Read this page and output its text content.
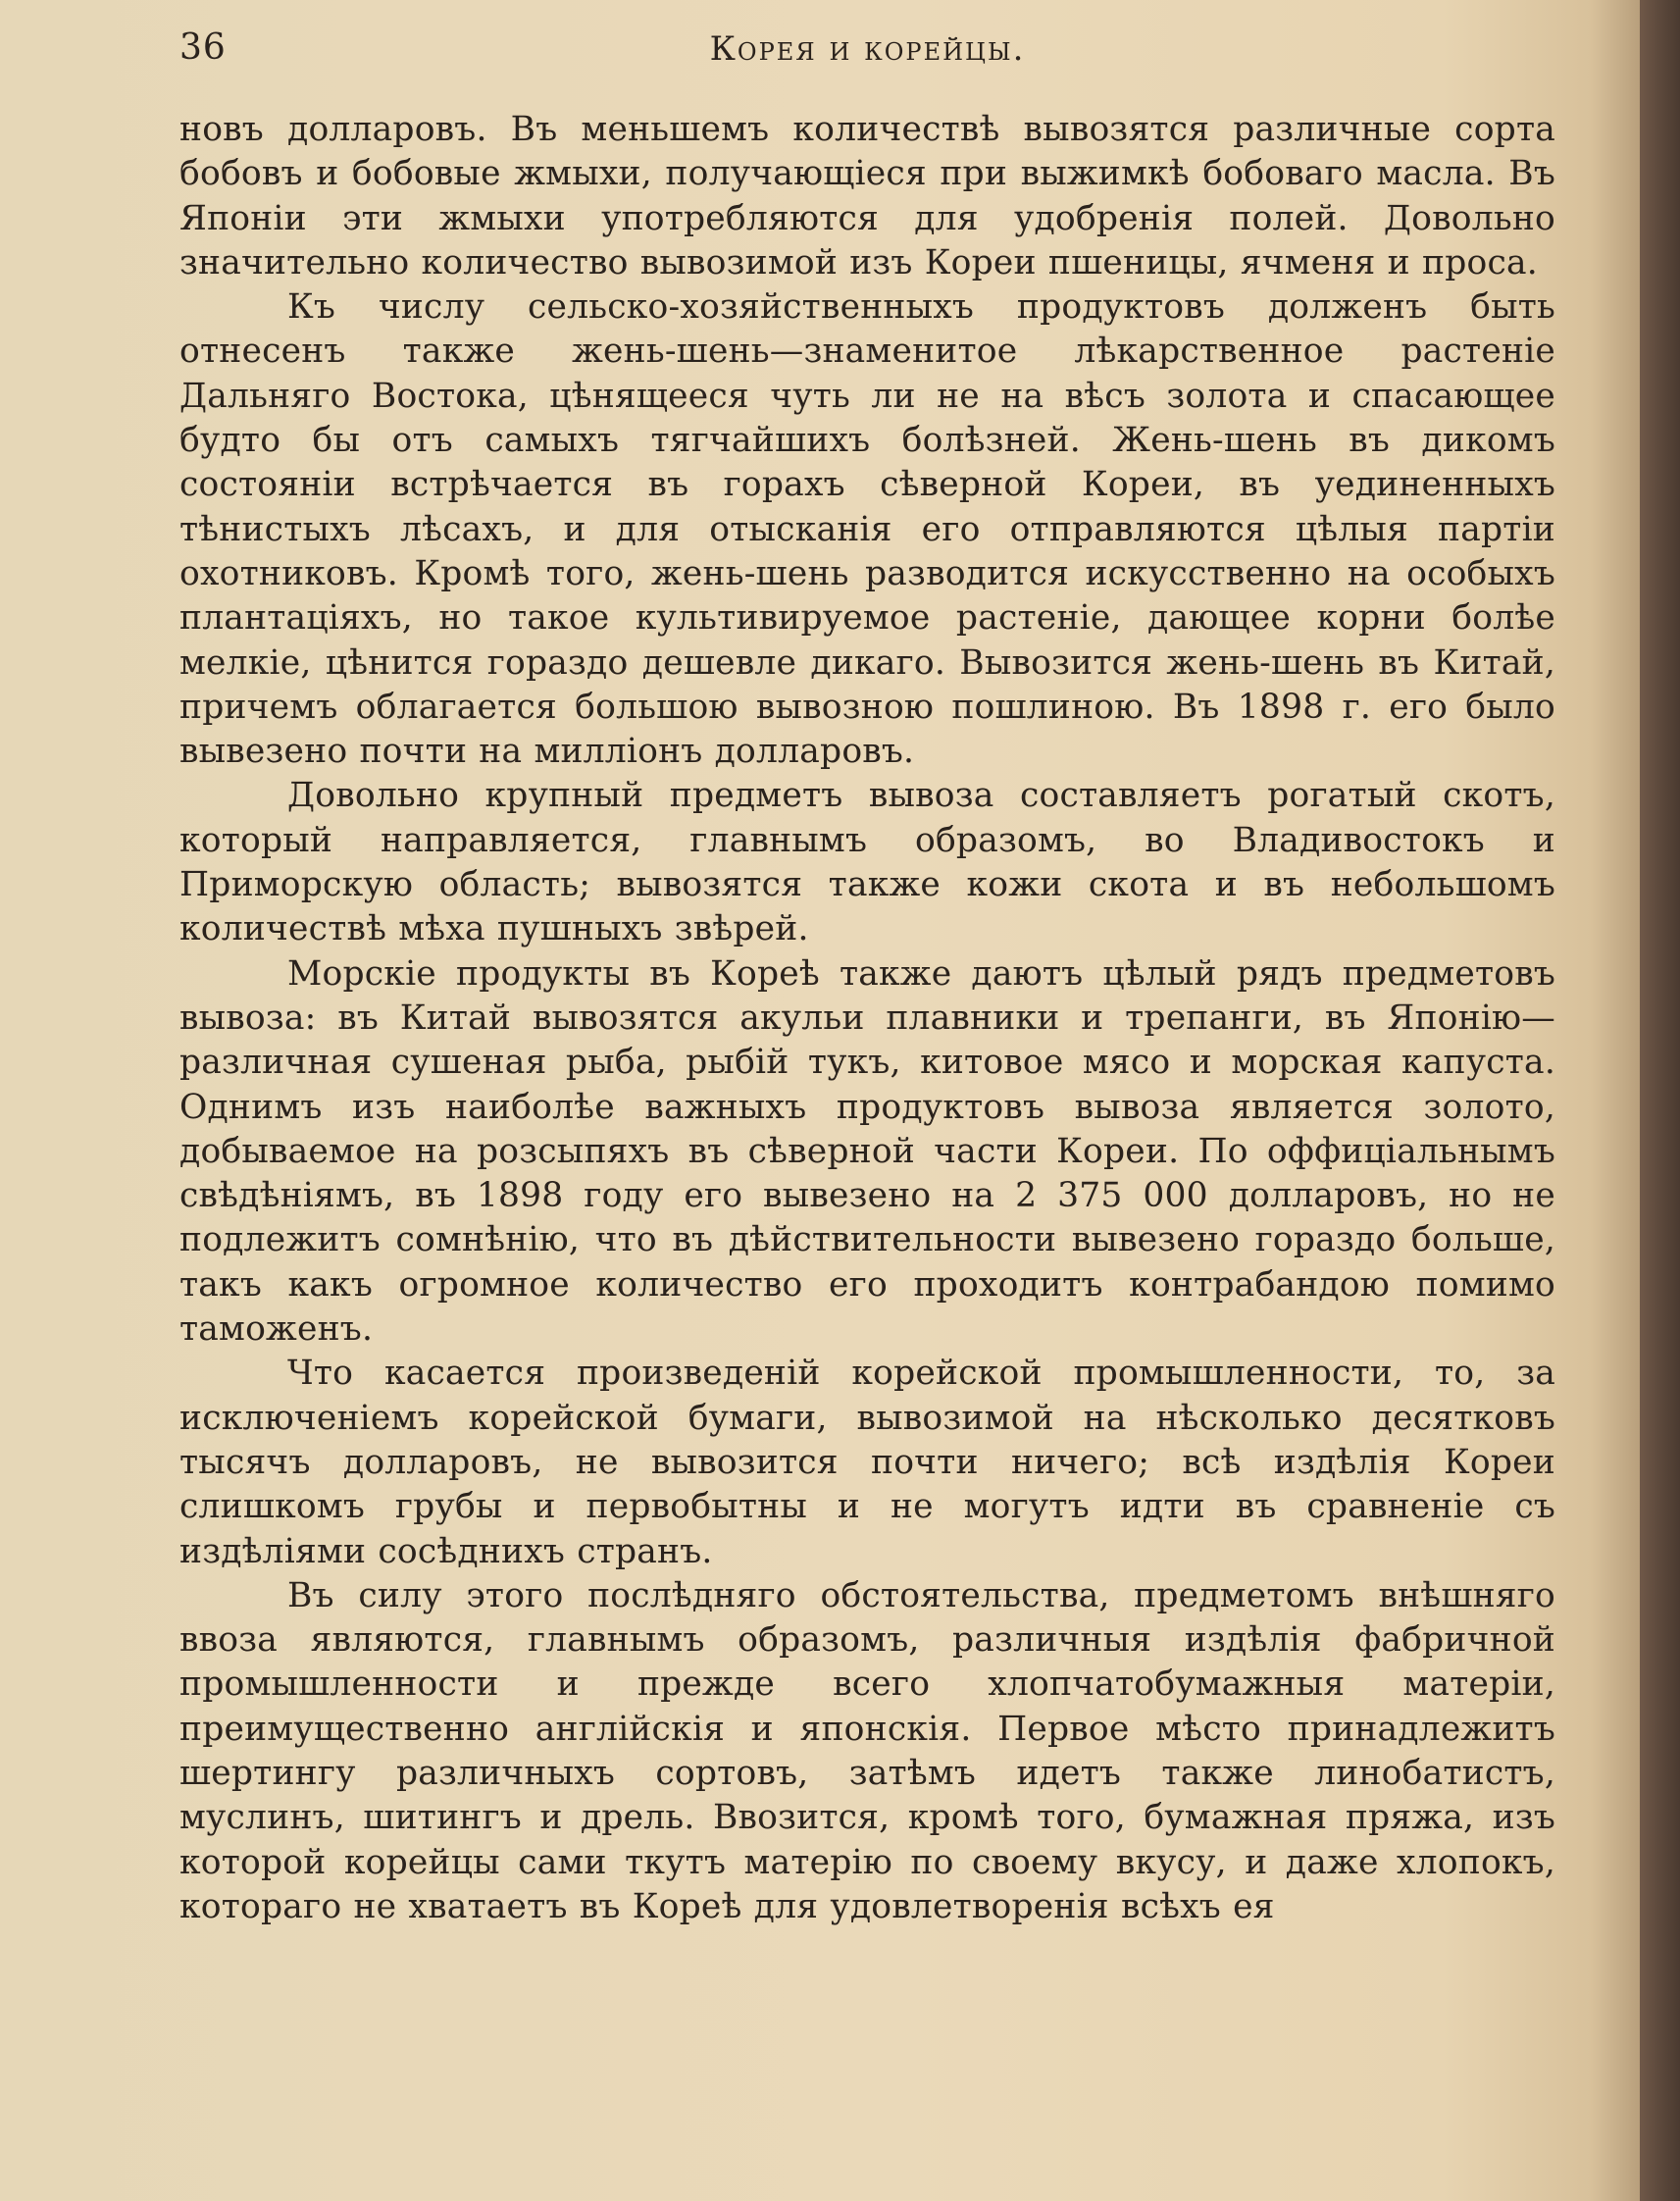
36	Корея и корейцы.

новъ долларовъ. Въ меньшемъ количествѣ вывозятся различные сорта бобовъ и бобовые жмыхи, получающіеся при выжимкѣ бобоваго масла. Въ Японіи эти жмыхи употребляются для удобренія полей. Довольно значительно количество вывозимой изъ Кореи пшеницы, ячменя и проса.

Къ числу сельско-хозяйственныхъ продуктовъ долженъ быть отнесенъ также жень-шень—знаменитое лѣкарственное растеніе Дальняго Востока, цѣнящееся чуть ли не на вѣсъ золота и спасающее будто бы отъ самыхъ тягчайшихъ болѣзней. Жень-шень въ дикомъ состояніи встрѣчается въ горахъ сѣверной Кореи, въ уединенныхъ тѣнистыхъ лѣсахъ, и для отысканія его отправляются цѣлыя партіи охотниковъ. Кромѣ того, жень-шень разводится искусственно на особыхъ плантаціяхъ, но такое культивируемое растеніе, дающее корни болѣе мелкіе, цѣнится гораздо дешевле дикаго. Вывозится жень-шень въ Китай, причемъ облагается большою вывозною пошлиною. Въ 1898 г. его было вывезено почти на милліонъ долларовъ.

Довольно крупный предметъ вывоза составляетъ рогатый скотъ, который направляется, главнымъ образомъ, во Владивостокъ и Приморскую область; вывозятся также кожи скота и въ небольшомъ количествѣ мѣха пушныхъ звѣрей.

Морскіе продукты въ Кореѣ также даютъ цѣлый рядъ предметовъ вывоза: въ Китай вывозятся акульи плавники и трепанги, въ Японію—различная сушеная рыба, рыбій тукъ, китовое мясо и морская капуста. Однимъ изъ наиболѣе важныхъ продуктовъ вывоза является золото, добываемое на розсыпяхъ въ сѣверной части Кореи. По оффиціальнымъ свѣдѣніямъ, въ 1898 году его вывезено на 2 375 000 долларовъ, но не подлежитъ сомнѣнію, что въ дѣйствительности вывезено гораздо больше, такъ какъ огромное количество его проходитъ контрабандою помимо таможенъ.

Что касается произведеній корейской промышленности, то, за исключеніемъ корейской бумаги, вывозимой на нѣсколько десятковъ тысячъ долларовъ, не вывозится почти ничего; всѣ издѣлія Кореи слишкомъ грубы и первобытны и не могутъ идти въ сравненіе съ издѣліями сосѣднихъ странъ.

Въ силу этого послѣдняго обстоятельства, предметомъ внѣшняго ввоза являются, главнымъ образомъ, различныя издѣлія фабричной промышленности и прежде всего хлопчатобумажныя матеріи, преимущественно англійскія и японскія. Первое мѣсто принадлежитъ шертингу различныхъ сортовъ, затѣмъ идетъ также линобатистъ, муслинъ, шитингъ и дрель. Ввозится, кромѣ того, бумажная пряжа, изъ которой корейцы сами ткутъ матерію по своему вкусу, и даже хлопокъ, котораго не хватаетъ въ Кореѣ для удовлетворенія всѣхъ ея
